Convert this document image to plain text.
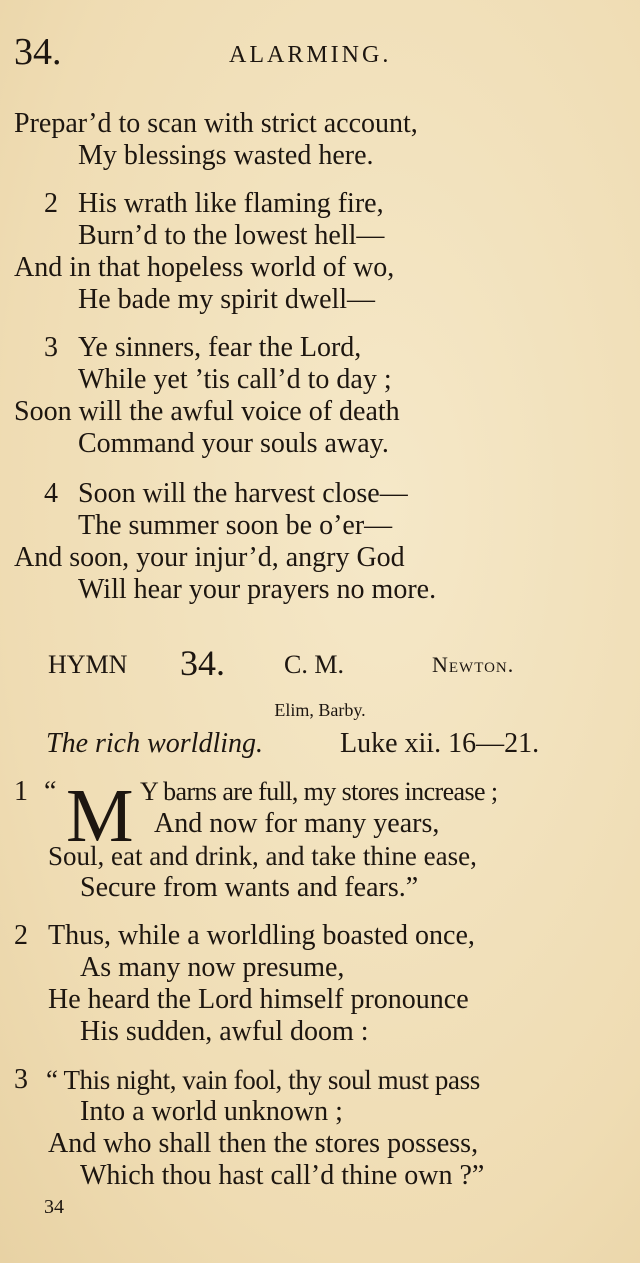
34.	ALARMING.
Prepar’d to scan with strict account,
My blessings wasted here.
2 His wrath like flaming fire,
Burn’d to the lowest hell—
And in that hopeless world of wo,
He bade my spirit dwell—
3 Ye sinners, fear the Lord,
While yet ’tis call’d to day ;
Soon will the awful voice of death
Command your souls away.
4 Soon will the harvest close—
The summer soon be o’er—
And soon, your injur’d, angry God
Will hear your prayers no more.
HYMN 34. C. M.	Newton.
Elim, Barby.
The rich worldling.	Luke xii. 16—21.
1 “ M Y barns are full, my stores increase ;
And now for many years,
Soul, eat and drink, and take thine ease,
Secure from wants and fears.”
2 Thus, while a worldling boasted once,
As many now presume,
He heard the Lord himself pronounce
His sudden, awful doom :
3 “ This night, vain fool, thy soul must pass
Into a world unknown ;
And who shall then the stores possess,
Which thou hast call’d thine own ?”
34
